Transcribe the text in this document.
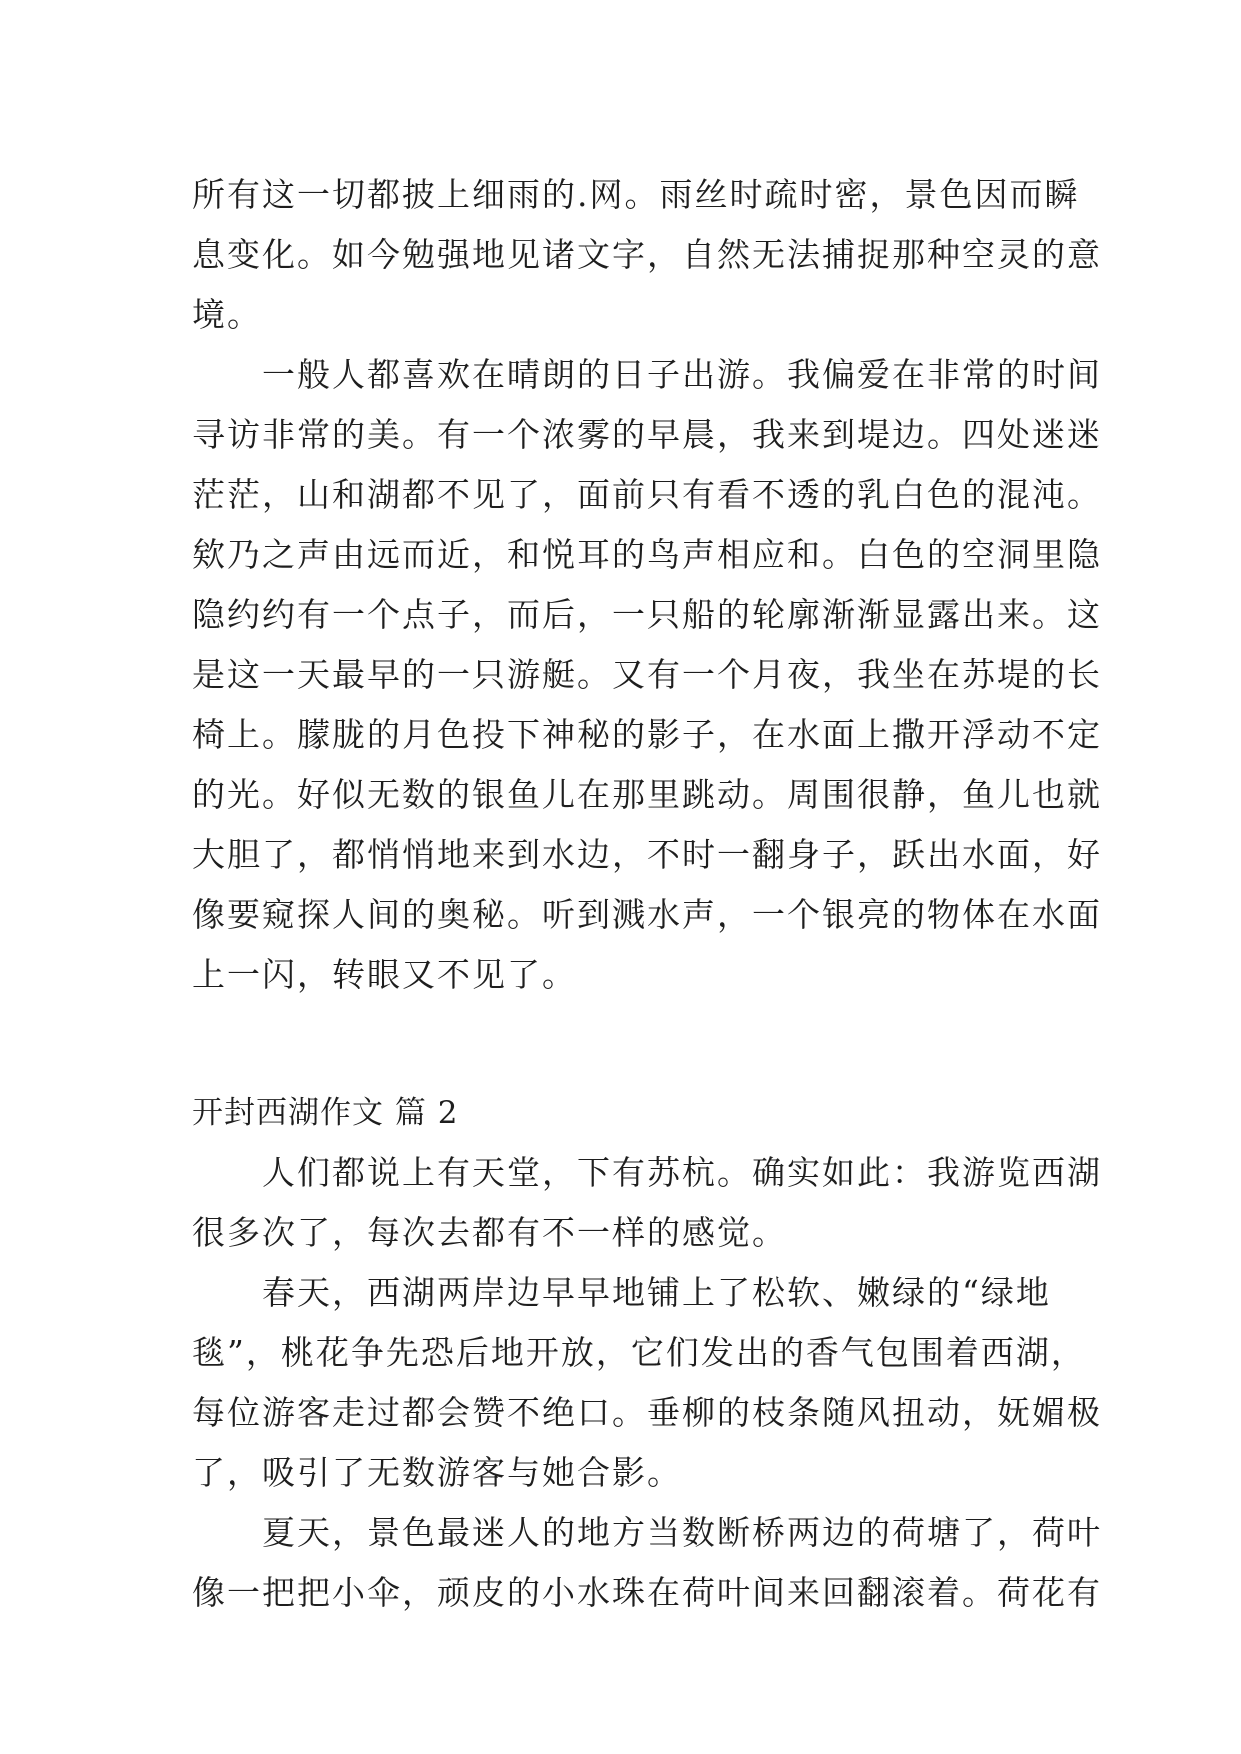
所有这一切都披上细雨的.网。雨丝时疏时密，景色因而瞬
息变化。如今勉强地见诸文字，自然无法捕捉那种空灵的意
境。
一般人都喜欢在晴朗的日子出游。我偏爱在非常的时间
寻访非常的美。有一个浓雾的早晨，我来到堤边。四处迷迷
茫茫，山和湖都不见了，面前只有看不透的乳白色的混沌。
欸乃之声由远而近，和悦耳的鸟声相应和。白色的空洞里隐
隐约约有一个点子，而后，一只船的轮廓渐渐显露出来。这
是这一天最早的一只游艇。又有一个月夜，我坐在苏堤的长
椅上。朦胧的月色投下神秘的影子，在水面上撒开浮动不定
的光。好似无数的银鱼儿在那里跳动。周围很静，鱼儿也就
大胆了，都悄悄地来到水边，不时一翻身子，跃出水面，好
像要窥探人间的奥秘。听到溅水声，一个银亮的物体在水面
上一闪，转眼又不见了。
开封西湖作文 篇 2
人们都说上有天堂，下有苏杭。确实如此：我游览西湖
很多次了，每次去都有不一样的感觉。
春天，西湖两岸边早早地铺上了松软、嫩绿的“绿地
毯”，桃花争先恐后地开放，它们发出的香气包围着西湖，
每位游客走过都会赞不绝口。垂柳的枝条随风扭动，妩媚极
了，吸引了无数游客与她合影。
夏天，景色最迷人的地方当数断桥两边的荷塘了，荷叶
像一把把小伞，顽皮的小水珠在荷叶间来回翻滚着。荷花有
